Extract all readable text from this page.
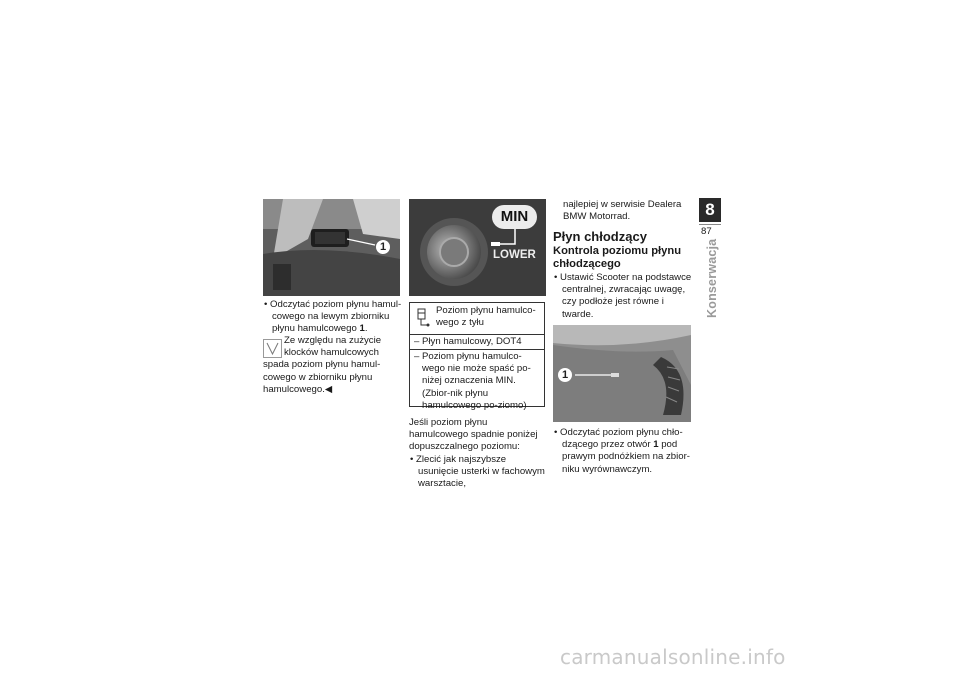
1

• Odczytać poziom płynu hamul-cowego na lewym zbiorniku płynu hamulcowego 1.

Ze względu na zużycie klocków hamulcowych
spada poziom płynu hamul-cowego w zbiorniku płynu hamulcowego.◀
MIN
LOWER
Poziom płynu hamulco-wego z tyłu

– Płyn hamulcowy, DOT4

– Poziom płynu hamulco-wego nie może spaść po-niżej oznaczenia MIN. (Zbior-nik płynu hamulcowego po-ziomo)

Jeśli poziom płynu hamulcowego spadnie poniżej dopuszczalnego poziomu:

• Zlecić jak najszybsze usunięcie usterki w fachowym warsztacie,

najlepiej w serwisie Dealera BMW Motorrad.
Płyn chłodzący
Kontrola poziomu płynu chłodzącego

• Ustawić Scooter na podstawce centralnej, zwracając uwagę, czy podłoże jest równe i twarde.

1

• Odczytać poziom płynu chło-dzącego przez otwór 1 pod prawym podnóżkiem na zbior-niku wyrównawczym.

8
87
Konserwacja
carmanualsonline.info
